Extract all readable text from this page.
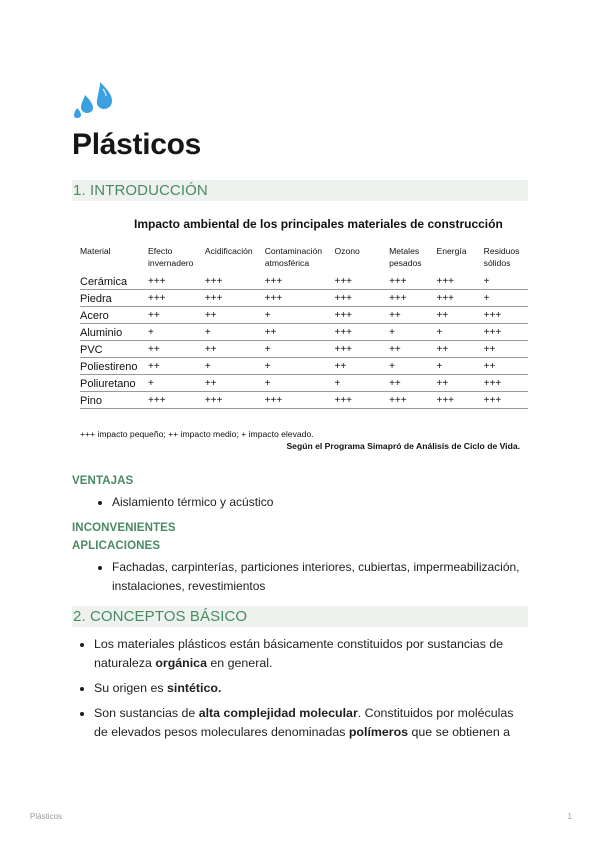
Plásticos
1. INTRODUCCIÓN
Impacto ambiental de los principales materiales de construcción
Material	Efecto invernadero	Acidificación	Contaminación atmosférica	Ozono	Metales pesados	Energía	Residuos sólidos
Cerámica	+++	+++	+++	+++	+++	+++	+
Piedra	+++	+++	+++	+++	+++	+++	+
Acero	++	++	+	+++	++	++	+++
Aluminio	+	+	++	+++	+	+	+++
PVC	++	++	+	+++	++	++	++
Poliestireno	++	+	+	++	+	+	++
Poliuretano	+	++	+	+	++	++	+++
Pino	+++	+++	+++	+++	+++	+++	+++
+++ impacto pequeño; ++ impacto medio; + impacto elevado.
Según el Programa Simapró de Análisis de Ciclo de Vida.
VENTAJAS
• Aislamiento térmico y acústico
INCONVENIENTES
APLICACIONES
• Fachadas, carpinterías, particiones interiores, cubiertas, impermeabilización, instalaciones, revestimientos
2. CONCEPTOS BÁSICO
• Los materiales plásticos están básicamente constituidos por sustancias de naturaleza orgánica en general.
• Su origen es sintético.
• Son sustancias de alta complejidad molecular. Constituidos por moléculas de elevados pesos moleculares denominadas polímeros que se obtienen a
Plásticos	1
